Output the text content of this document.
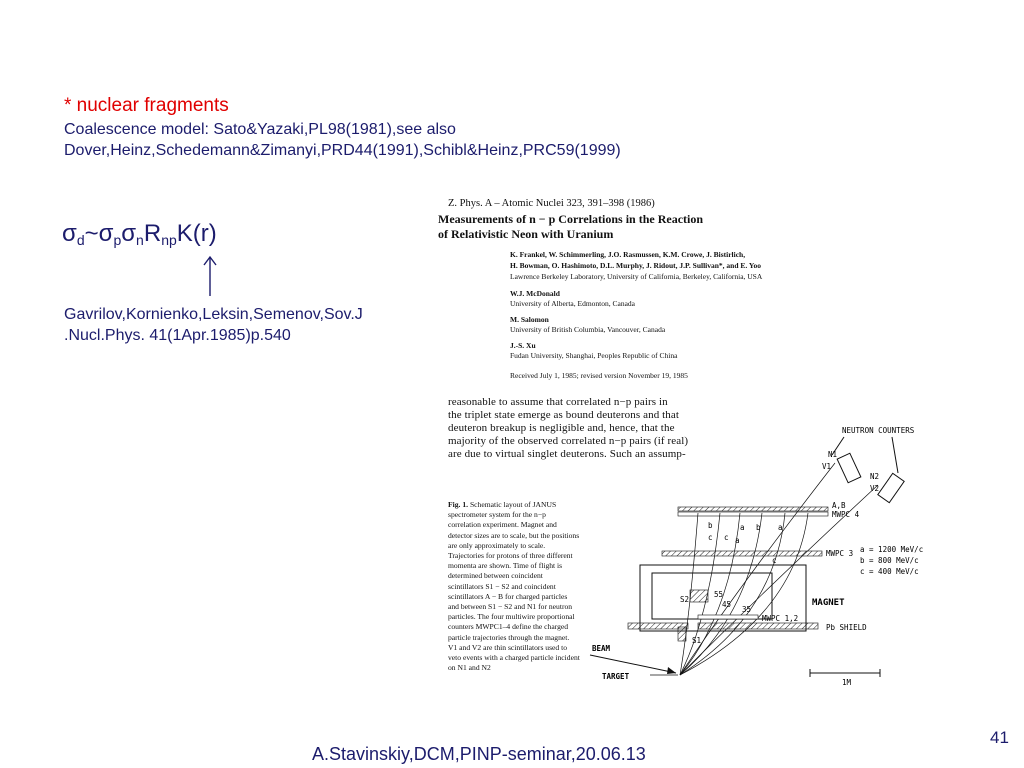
* nuclear fragments
Coalescence model: Sato&Yazaki,PL98(1981),see also
Dover,Heinz,Schedemann&Zimanyi,PRD44(1991),Schibl&Heinz,PRC59(1999)
$\sigma_d\sim\sigma_p\sigma_nR_{np}K(r)$
Gavrilov,Kornienko,Leksin,Semenov,Sov.J
.Nucl.Phys. 41(1Apr.1985)p.540
Z. Phys. A – Atomic Nuclei 323, 391–398 (1986)
Measurements of n − p Correlations in the Reaction
of Relativistic Neon with Uranium
K. Frankel, W. Schimmerling, J.O. Rasmussen, K.M. Crowe, J. Bistirlich,
H. Bowman, O. Hashimoto, D.L. Murphy, J. Ridout, J.P. Sullivan*, and E. Yoo
Lawrence Berkeley Laboratory, University of California, Berkeley, California, USA
W.J. McDonald
University of Alberta, Edmonton, Canada
M. Salomon
University of British Columbia, Vancouver, Canada
J.-S. Xu
Fudan University, Shanghai, Peoples Republic of China
Received July 1, 1985; revised version November 19, 1985
reasonable to assume that correlated n−p pairs in
the triplet state emerge as bound deuterons and that
deuteron breakup is negligible and, hence, that the
majority of the observed correlated n−p pairs (if real)
are due to virtual singlet deuterons. Such an assump-
Fig. 1. Schematic layout of JANUS spectrometer system for the n−p correlation experiment. Magnet and detector sizes are to scale, but the positions are only approximately to scale. Trajectories for protons of three different momenta are shown. Time of flight is determined between coincident scintillators S1 − S2 and coincident scintillators A − B for charged particles and between S1 − S2 and N1 for neutron particles. The four multiwire proportional counters MWPC1–4 define the charged particle trajectories through the magnet. V1 and V2 are thin scintillators used to veto events with a charged particle incident on N1 and N2
NEUTRON COUNTERS
N1
V1
N2
V2
A,B
MWPC 4
MWPC 3
MAGNET
a = 1200 MeV/c
b = 800 MeV/c
c = 400 MeV/c
b	a b a
c c a
c
S2
55
45
35
MWPC 1,2
Pb SHIELD
S1
BEAM
TARGET
1M
A.Stavinskiy,DCM,PINP-seminar,20.06.13
41
